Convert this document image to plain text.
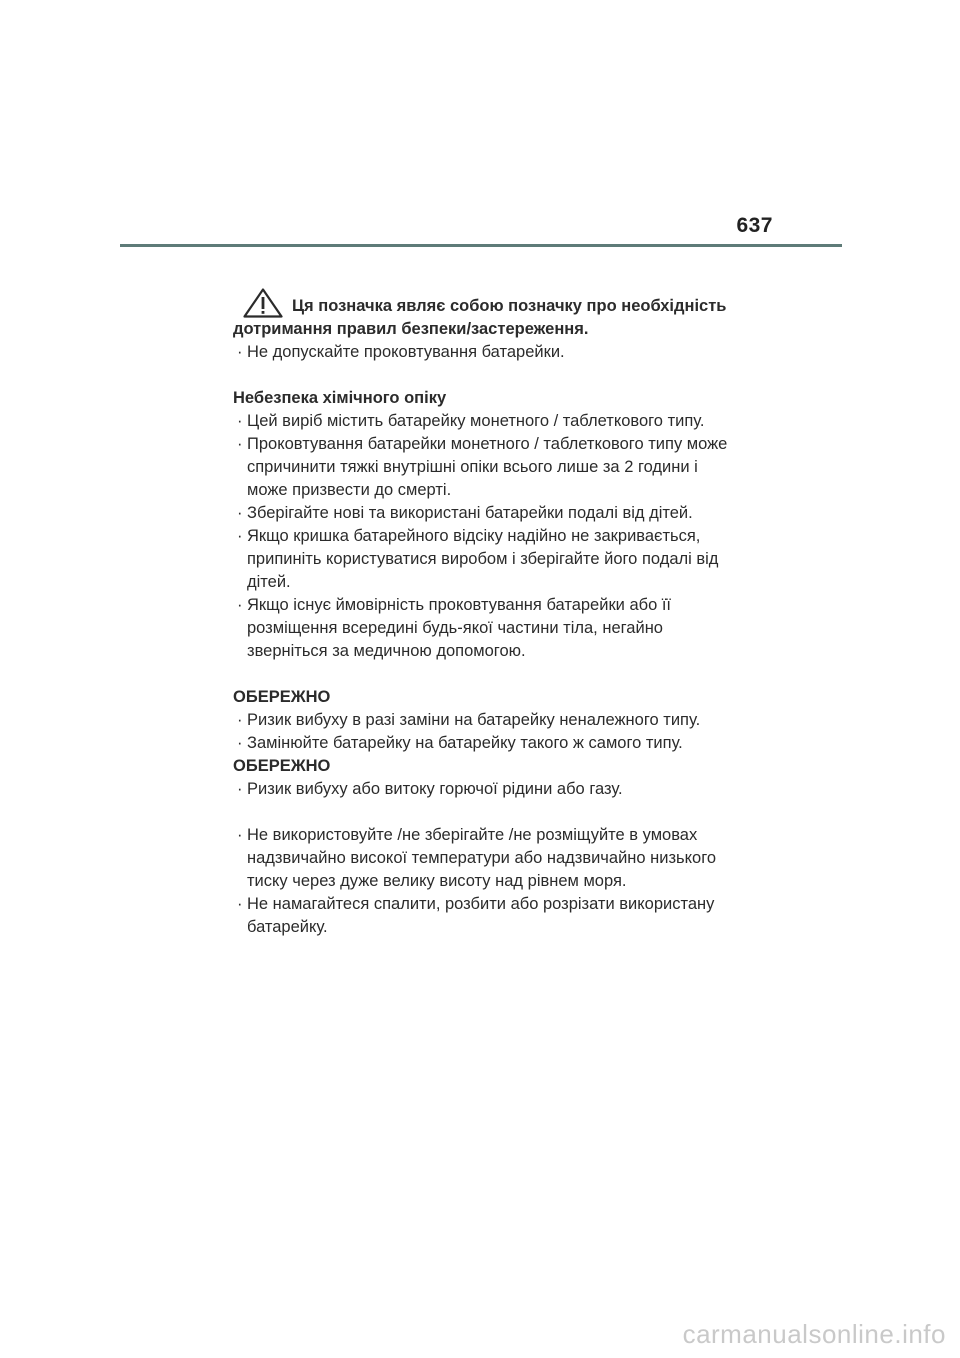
637
Ця позначка являє собою позначку про необхідність

дотримання правил безпеки/застереження.

· Не допускайте проковтування батарейки.

Небезпека хімічного опіку

· Цей виріб містить батарейку монетного / таблеткового типу.
· Проковтування батарейки монетного / таблеткового типу може
спричинити тяжкі внутрішні опіки всього лише за 2 години і
може призвести до смерті.
· Зберігайте нові та використані батарейки подалі від дітей.
· Якщо кришка батарейного відсіку надійно не закривається,
припиніть користуватися виробом і зберігайте його подалі від
дітей.
· Якщо існує ймовірність проковтування батарейки або її
розміщення всередині будь-якої частини тіла, негайно
зверніться за медичною допомогою.

ОБЕРЕЖНО

· Ризик вибуху в разі заміни на батарейку неналежного типу.
· Замінюйте батарейку на батарейку такого ж самого типу.

ОБЕРЕЖНО

· Ризик вибуху або витоку горючої рідини або газу.
· Не використовуйте /не зберігайте /не розміщуйте в умовах
надзвичайно високої температури або надзвичайно низького
тиску через дуже велику висоту над рівнем моря.
· Не намагайтеся спалити, розбити або розрізати використану
батарейку.
carmanualsonline.info
